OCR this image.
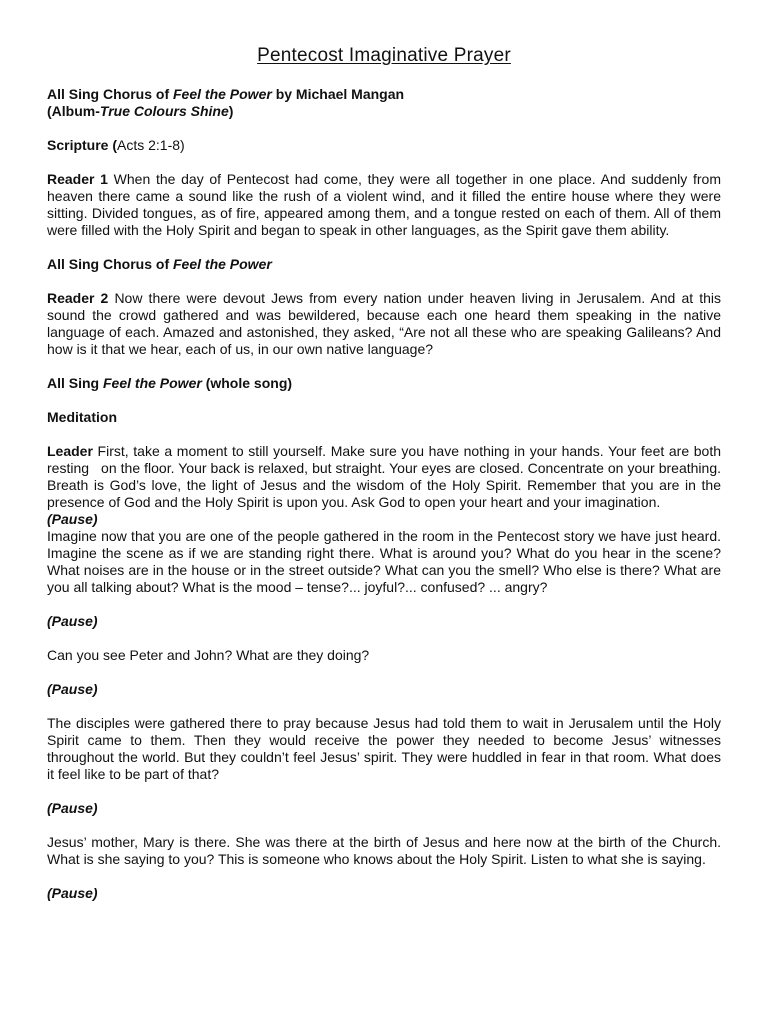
Pentecost Imaginative Prayer

All Sing Chorus of Feel the Power by Michael Mangan
(Album-True Colours Shine)

Scripture (Acts 2:1-8)

Reader 1 When the day of Pentecost had come, they were all together in one place. And suddenly from heaven there came a sound like the rush of a violent wind, and it filled the entire house where they were sitting. Divided tongues, as of fire, appeared among them, and a tongue rested on each of them. All of them were filled with the Holy Spirit and began to speak in other languages, as the Spirit gave them ability.

All Sing Chorus of Feel the Power

Reader 2 Now there were devout Jews from every nation under heaven living in Jerusalem. And at this sound the crowd gathered and was bewildered, because each one heard them speaking in the native language of each. Amazed and astonished, they asked, “Are not all these who are speaking Galileans? And how is it that we hear, each of us, in our own native language?

All Sing Feel the Power (whole song)

Meditation

Leader First, take a moment to still yourself. Make sure you have nothing in your hands. Your feet are both resting   on the floor. Your back is relaxed, but straight. Your eyes are closed. Concentrate on your breathing. Breath is God’s love, the light of Jesus and the wisdom of the Holy Spirit. Remember that you are in the presence of God and the Holy Spirit is upon you. Ask God to open your heart and your imagination.

(Pause)

Imagine now that you are one of the people gathered in the room in the Pentecost story we have just heard. Imagine the scene as if we are standing right there. What is around you? What do you hear in the scene? What noises are in the house or in the street outside? What can you the smell? Who else is there? What are you all talking about? What is the mood – tense?... joyful?... confused? ... angry?

(Pause)

Can you see Peter and John? What are they doing?

(Pause)

The disciples were gathered there to pray because Jesus had told them to wait in Jerusalem until the Holy Spirit came to them. Then they would receive the power they needed to become Jesus’ witnesses throughout the world. But they couldn’t feel Jesus’ spirit. They were huddled in fear in that room. What does it feel like to be part of that?

(Pause)

Jesus’ mother, Mary is there. She was there at the birth of Jesus and here now at the birth of the Church. What is she saying to you? This is someone who knows about the Holy Spirit. Listen to what she is saying.

(Pause)
